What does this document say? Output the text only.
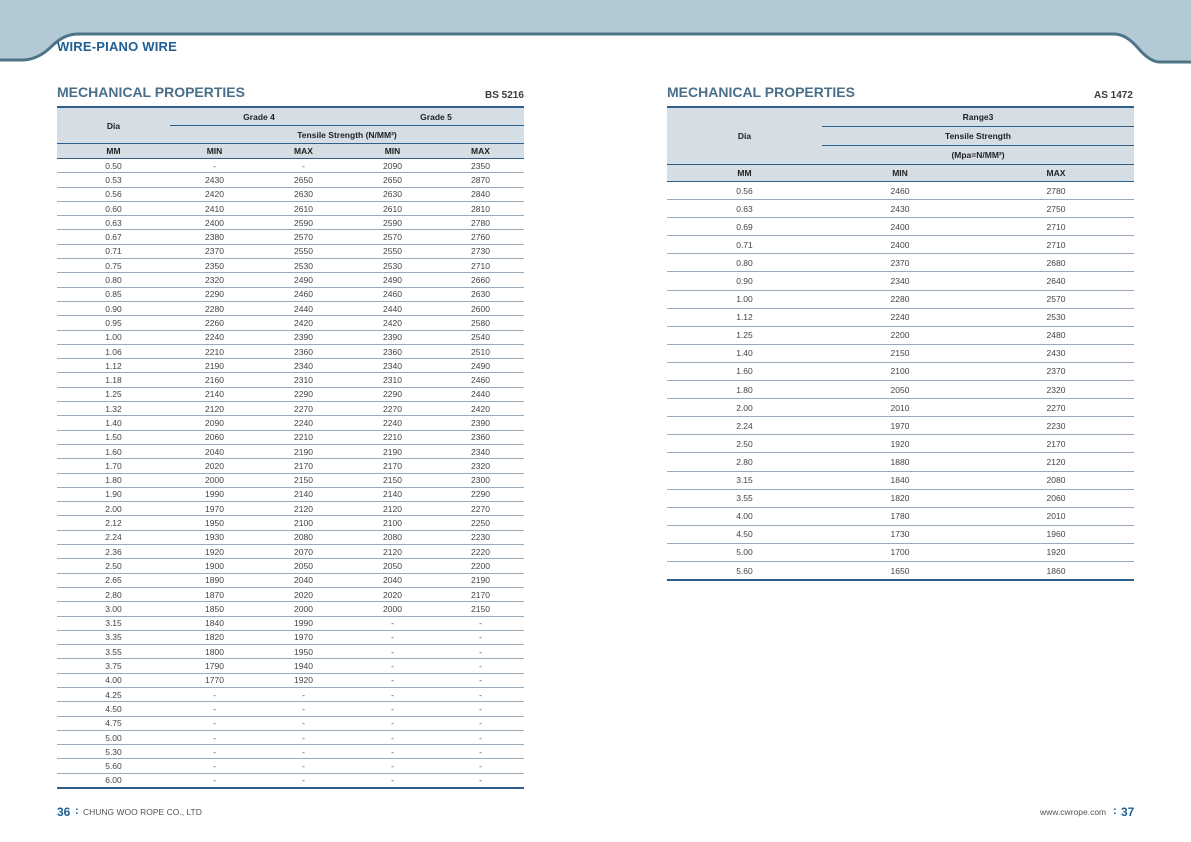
WIRE-PIANO WIRE
MECHANICAL PROPERTIES	BS 5216
Dia	Grade 4		Grade 5	
	Tensile Strength (N/MM²)			
MM	MIN	MAX	MIN	MAX
0.50	-	-	2090	2350
0.53	2430	2650	2650	2870
0.56	2420	2630	2630	2840
0.60	2410	2610	2610	2810
0.63	2400	2590	2590	2780
0.67	2380	2570	2570	2760
0.71	2370	2550	2550	2730
0.75	2350	2530	2530	2710
0.80	2320	2490	2490	2660
0.85	2290	2460	2460	2630
0.90	2280	2440	2440	2600
0.95	2260	2420	2420	2580
1.00	2240	2390	2390	2540
1.06	2210	2360	2360	2510
1.12	2190	2340	2340	2490
1.18	2160	2310	2310	2460
1.25	2140	2290	2290	2440
1.32	2120	2270	2270	2420
1.40	2090	2240	2240	2390
1.50	2060	2210	2210	2360
1.60	2040	2190	2190	2340
1.70	2020	2170	2170	2320
1.80	2000	2150	2150	2300
1.90	1990	2140	2140	2290
2.00	1970	2120	2120	2270
2.12	1950	2100	2100	2250
2.24	1930	2080	2080	2230
2.36	1920	2070	2120	2220
2.50	1900	2050	2050	2200
2.65	1890	2040	2040	2190
2.80	1870	2020	2020	2170
3.00	1850	2000	2000	2150
3.15	1840	1990	-	-
3.35	1820	1970	-	-
3.55	1800	1950	-	-
3.75	1790	1940	-	-
4.00	1770	1920	-	-
4.25	-	-	-	-
4.50	-	-	-	-
4.75	-	-	-	-
5.00	-	-	-	-
5.30	-	-	-	-
5.60	-	-	-	-
6.00	-	-	-	-
MECHANICAL PROPERTIES	AS 1472
Dia	Range3	
	Tensile Strength	
	(Mpa=N/MM²)	
MM	MIN	MAX
0.56	2460	2780
0.63	2430	2750
0.69	2400	2710
0.71	2400	2710
0.80	2370	2680
0.90	2340	2640
1.00	2280	2570
1.12	2240	2530
1.25	2200	2480
1.40	2150	2430
1.60	2100	2370
1.80	2050	2320
2.00	2010	2270
2.24	1970	2230
2.50	1920	2170
2.80	1880	2120
3.15	1840	2080
3.55	1820	2060
4.00	1780	2010
4.50	1730	1960
5.00	1700	1920
5.60	1650	1860
36 : CHUNG WOO ROPE CO., LTD	www.cwrope.com : 37
